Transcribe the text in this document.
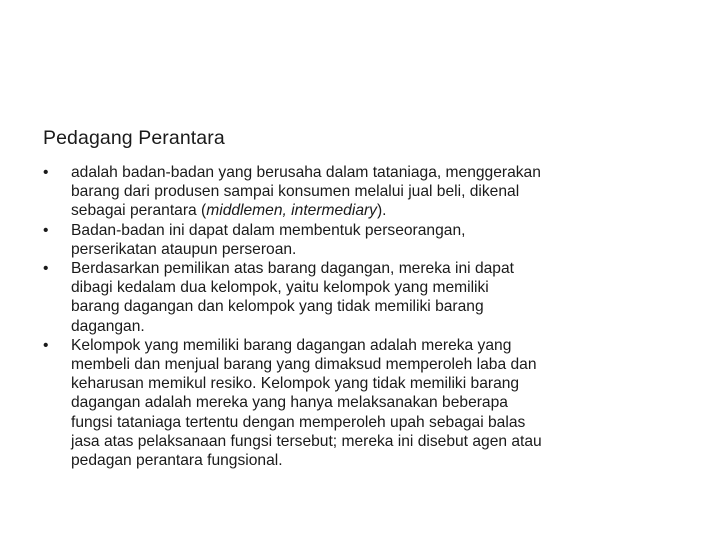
Pedagang Perantara
•	adalah badan-badan yang berusaha dalam tataniaga, menggerakan
barang dari produsen sampai konsumen melalui jual beli, dikenal
sebagai perantara (middlemen, intermediary).
•	Badan-badan ini dapat dalam membentuk perseorangan,
perserikatan ataupun perseroan.
•	Berdasarkan pemilikan atas barang dagangan, mereka ini dapat
dibagi kedalam dua kelompok, yaitu kelompok yang memiliki
barang dagangan dan kelompok yang tidak memiliki barang
dagangan.
•	Kelompok yang memiliki barang dagangan adalah mereka yang
membeli dan menjual barang yang dimaksud memperoleh laba dan
keharusan memikul resiko. Kelompok yang tidak memiliki barang
dagangan adalah mereka yang hanya melaksanakan beberapa
fungsi tataniaga tertentu dengan memperoleh upah sebagai balas
jasa atas pelaksanaan fungsi tersebut; mereka ini disebut agen atau
pedagan perantara fungsional.
